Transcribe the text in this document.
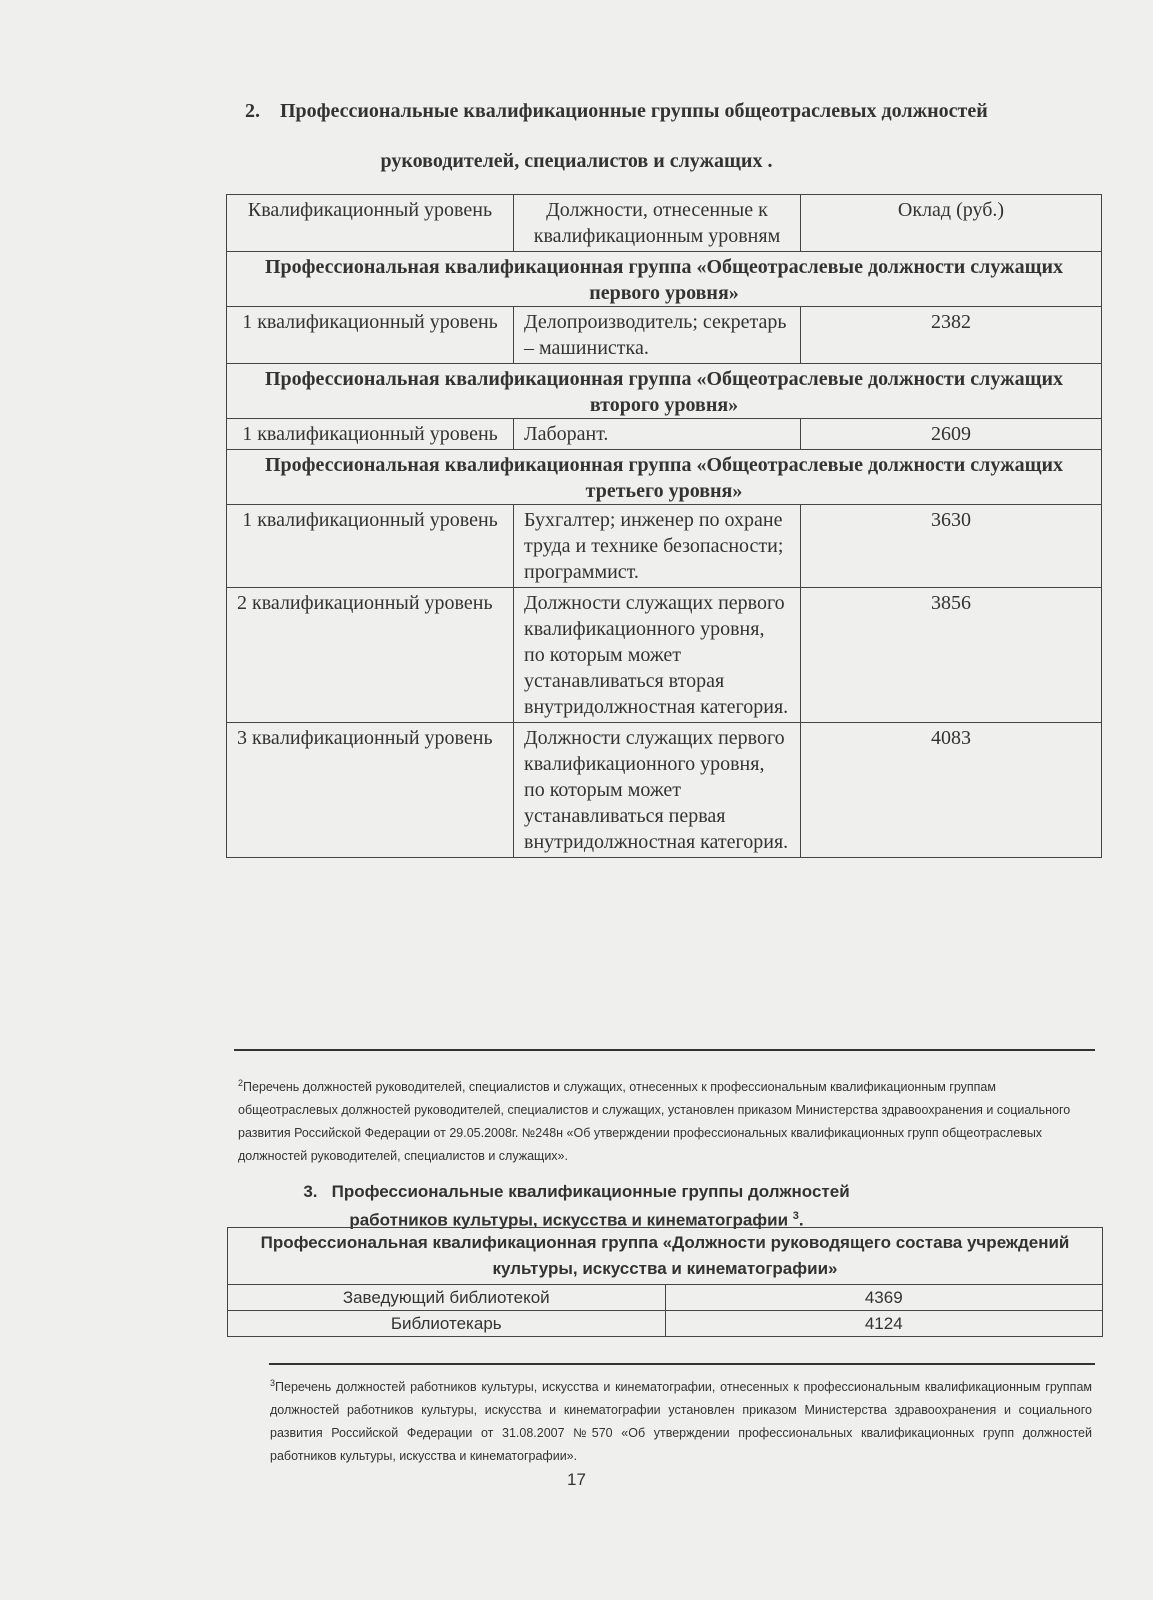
2. Профессиональные квалификационные группы общеотраслевых должностей
руководителей, специалистов и служащих .
Квалификационный уровень	Должности, отнесенные к квалификационным уровням	Оклад (руб.)
Профессиональная квалификационная группа «Общеотраслевые должности служащих первого уровня»		
1 квалификационный уровень	Делопроизводитель; секретарь – машинистка.	2382
Профессиональная квалификационная группа «Общеотраслевые должности служащих второго уровня»		
1 квалификационный уровень	Лаборант.	2609
Профессиональная квалификационная группа «Общеотраслевые должности служащих третьего уровня»		
1 квалификационный уровень	Бухгалтер; инженер по охране труда и технике безопасности; программист.	3630
2 квалификационный уровень	Должности служащих первого квалификационного уровня, по которым может устанавливаться вторая внутридолжностная категория.	3856
3 квалификационный уровень	Должности служащих первого квалификационного уровня, по которым может устанавливаться первая внутридолжностная категория.	4083
$^2$Перечень должностей руководителей, специалистов и служащих, отнесенных к профессиональным квалификационным группам общеотраслевых должностей руководителей, специалистов и служащих, установлен приказом Министерства здравоохранения и социального развития Российской Федерации от 29.05.2008г. №248н «Об утверждении профессиональных квалификационных групп общеотраслевых должностей руководителей, специалистов и служащих».
3. Профессиональные квалификационные группы должностей
работников культуры, искусства и кинематографии $^3$.
Профессиональная квалификационная группа «Должности руководящего состава учреждений культуры, искусства и кинематографии»	
Заведующий библиотекой	4369
Библиотекарь	4124
$^3$Перечень должностей работников культуры, искусства и кинематографии, отнесенных к профессиональным квалификационным группам должностей работников культуры, искусства и кинематографии установлен приказом Министерства здравоохранения и социального развития Российской Федерации от 31.08.2007 №570 «Об утверждении профессиональных квалификационных групп должностей работников культуры, искусства и кинематографии».
17
